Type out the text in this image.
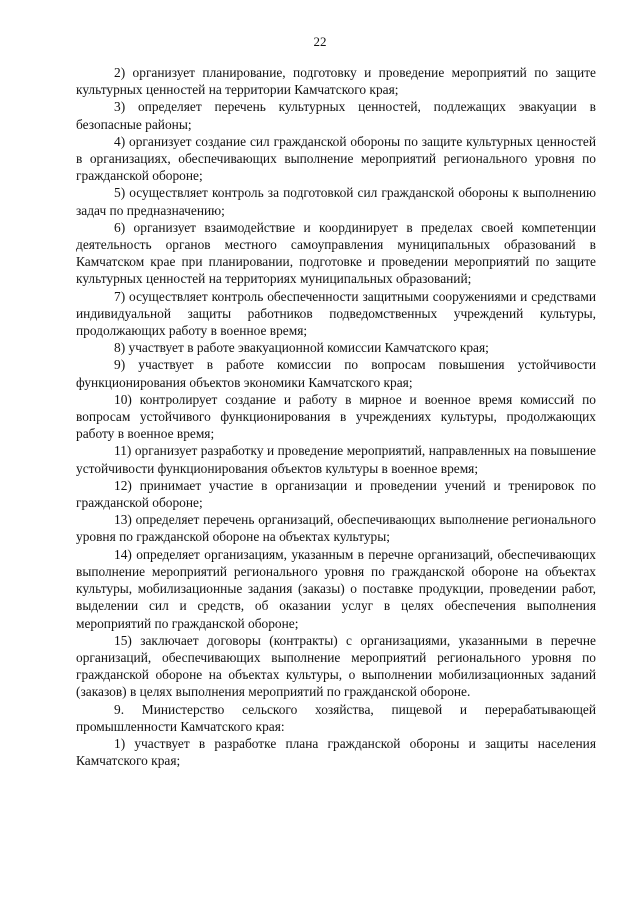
22

2) организует планирование, подготовку и проведение мероприятий по защите культурных ценностей на территории Камчатского края;

3) определяет перечень культурных ценностей, подлежащих эвакуации в безопасные районы;

4) организует создание сил гражданской обороны по защите культурных ценностей в организациях, обеспечивающих выполнение мероприятий регионального уровня по гражданской обороне;

5) осуществляет контроль за подготовкой сил гражданской обороны к выполнению задач по предназначению;

6) организует взаимодействие и координирует в пределах своей компетенции деятельность органов местного самоуправления муниципальных образований в Камчатском крае при планировании, подготовке и проведении мероприятий по защите культурных ценностей на территориях муниципальных образований;

7) осуществляет контроль обеспеченности защитными сооружениями и средствами индивидуальной защиты работников подведомственных учреждений культуры, продолжающих работу в военное время;

8) участвует в работе эвакуационной комиссии Камчатского края;

9) участвует в работе комиссии по вопросам повышения устойчивости функционирования объектов экономики Камчатского края;

10) контролирует создание и работу в мирное и военное время комиссий по вопросам устойчивого функционирования в учреждениях культуры, продолжающих работу в военное время;

11) организует разработку и проведение мероприятий, направленных на повышение устойчивости функционирования объектов культуры в военное время;

12) принимает участие в организации и проведении учений и тренировок по гражданской обороне;

13) определяет перечень организаций, обеспечивающих выполнение регионального уровня по гражданской обороне на объектах культуры;

14) определяет организациям, указанным в перечне организаций, обеспечивающих выполнение мероприятий регионального уровня по гражданской обороне на объектах культуры, мобилизационные задания (заказы) о поставке продукции, проведении работ, выделении сил и средств, об оказании услуг в целях обеспечения выполнения мероприятий по гражданской обороне;

15) заключает договоры (контракты) с организациями, указанными в перечне организаций, обеспечивающих выполнение мероприятий регионального уровня по гражданской обороне на объектах культуры, о выполнении мобилизационных заданий (заказов) в целях выполнения мероприятий по гражданской обороне.

9. Министерство сельского хозяйства, пищевой и перерабатывающей промышленности Камчатского края:

1) участвует в разработке плана гражданской обороны и защиты населения Камчатского края;
